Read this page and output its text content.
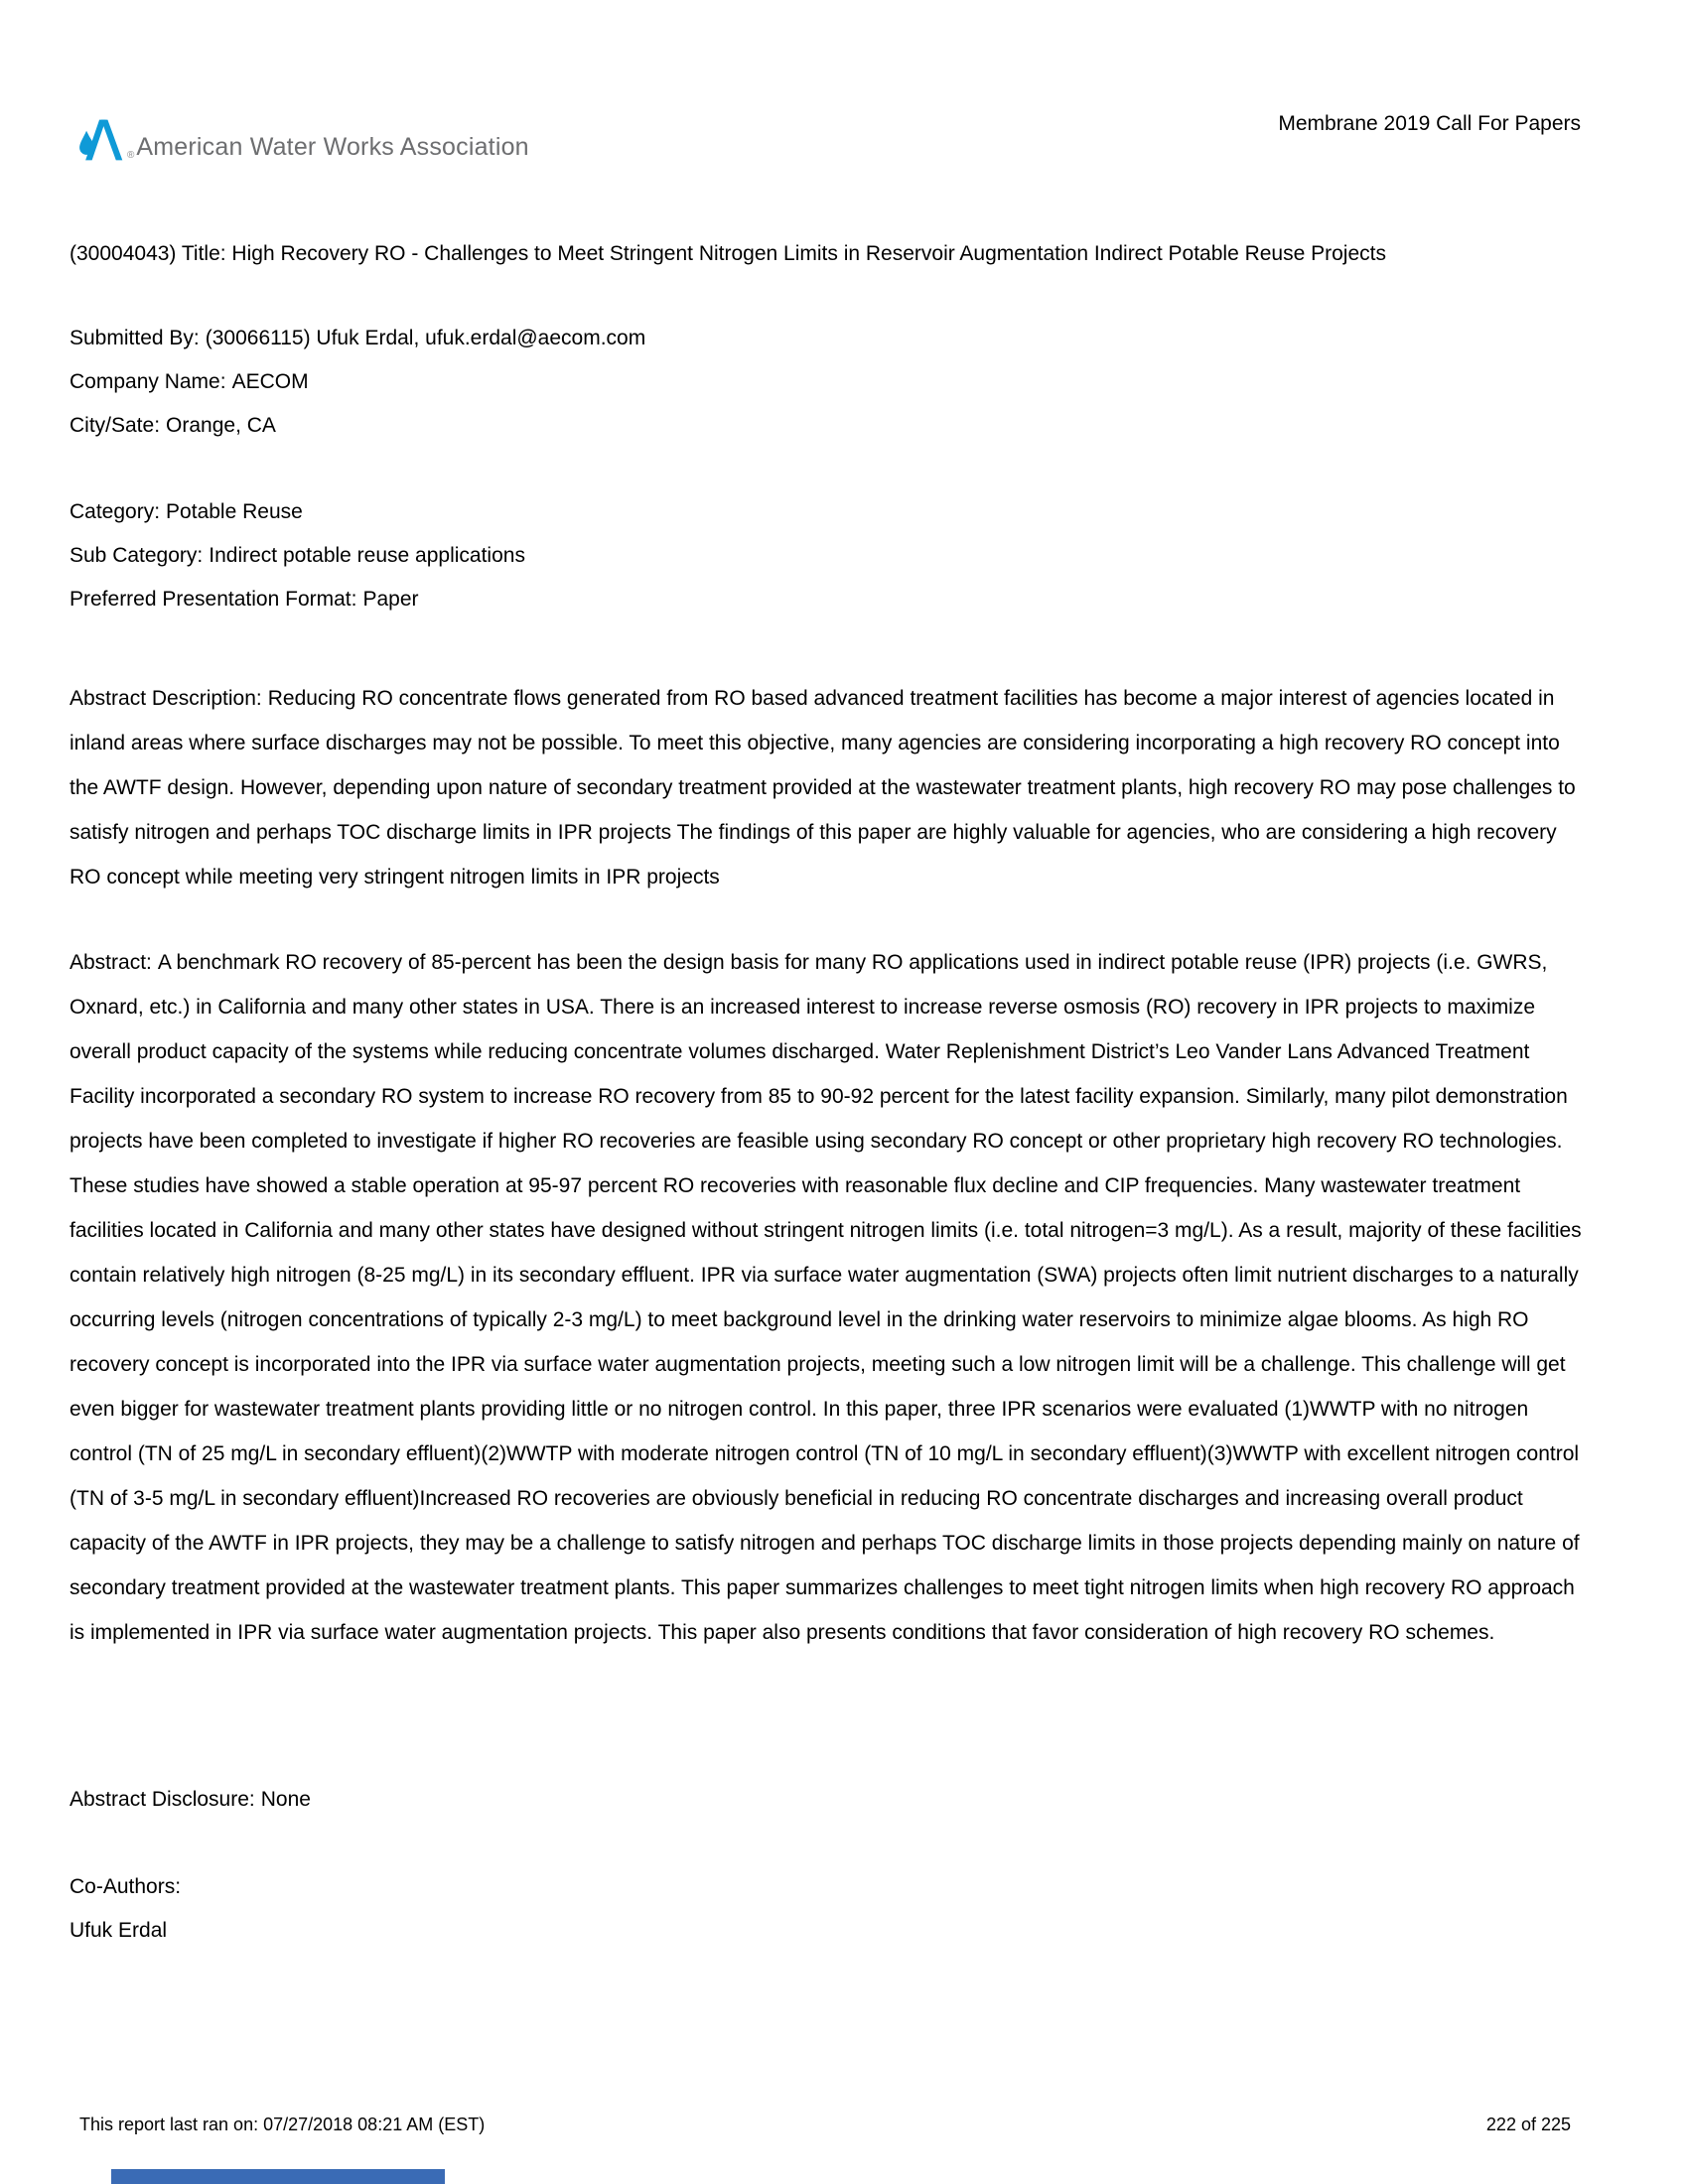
® American Water Works Association
Membrane 2019 Call For Papers

(30004043) Title: High Recovery RO - Challenges to Meet Stringent Nitrogen Limits in Reservoir Augmentation Indirect Potable Reuse Projects

Submitted By: (30066115) Ufuk Erdal, ufuk.erdal@aecom.com

Company Name: AECOM

City/Sate: Orange, CA

Category: Potable Reuse

Sub Category: Indirect potable reuse applications

Preferred Presentation Format: Paper

Abstract Description: Reducing RO concentrate flows generated from RO based advanced treatment facilities has become a major interest of agencies located in inland areas where surface discharges may not be possible. To meet this objective, many agencies are considering incorporating a high recovery RO concept into the AWTF design. However, depending upon nature of secondary treatment provided at the wastewater treatment plants, high recovery RO may pose challenges to satisfy nitrogen and perhaps TOC discharge limits in IPR projects The findings of this paper are highly valuable for agencies, who are considering a high recovery RO concept while meeting very stringent nitrogen limits in IPR projects

Abstract: A benchmark RO recovery of 85-percent has been the design basis for many RO applications used in indirect potable reuse (IPR) projects (i.e. GWRS, Oxnard, etc.) in California and many other states in USA. There is an increased interest to increase reverse osmosis (RO) recovery in IPR projects to maximize overall product capacity of the systems while reducing concentrate volumes discharged. Water Replenishment District’s Leo Vander Lans Advanced Treatment Facility incorporated a secondary RO system to increase RO recovery from 85 to 90-92 percent for the latest facility expansion. Similarly, many pilot demonstration projects have been completed to investigate if higher RO recoveries are feasible using secondary RO concept or other proprietary high recovery RO technologies. These studies have showed a stable operation at 95-97 percent RO recoveries with reasonable flux decline and CIP frequencies. Many wastewater treatment facilities located in California and many other states have designed without stringent nitrogen limits (i.e. total nitrogen=3 mg/L). As a result, majority of these facilities contain relatively high nitrogen (8-25 mg/L) in its secondary effluent. IPR via surface water augmentation (SWA) projects often limit nutrient discharges to a naturally occurring levels (nitrogen concentrations of typically 2-3 mg/L) to meet background level in the drinking water reservoirs to minimize algae blooms. As high RO recovery concept is incorporated into the IPR via surface water augmentation projects, meeting such a low nitrogen limit will be a challenge. This challenge will get even bigger for wastewater treatment plants providing little or no nitrogen control. In this paper, three IPR scenarios were evaluated (1)WWTP with no nitrogen control (TN of 25 mg/L in secondary effluent)(2)WWTP with moderate nitrogen control (TN of 10 mg/L in secondary effluent)(3)WWTP with excellent nitrogen control (TN of 3-5 mg/L in secondary effluent)Increased RO recoveries are obviously beneficial in reducing RO concentrate discharges and increasing overall product capacity of the AWTF in IPR projects, they may be a challenge to satisfy nitrogen and perhaps TOC discharge limits in those projects depending mainly on nature of secondary treatment provided at the wastewater treatment plants. This paper summarizes challenges to meet tight nitrogen limits when high recovery RO approach is implemented in IPR via surface water augmentation projects. This paper also presents conditions that favor consideration of high recovery RO schemes.

Abstract Disclosure: None

Co-Authors:

Ufuk Erdal

This report last ran on: 07/27/2018 08:21 AM (EST)	222 of 225
